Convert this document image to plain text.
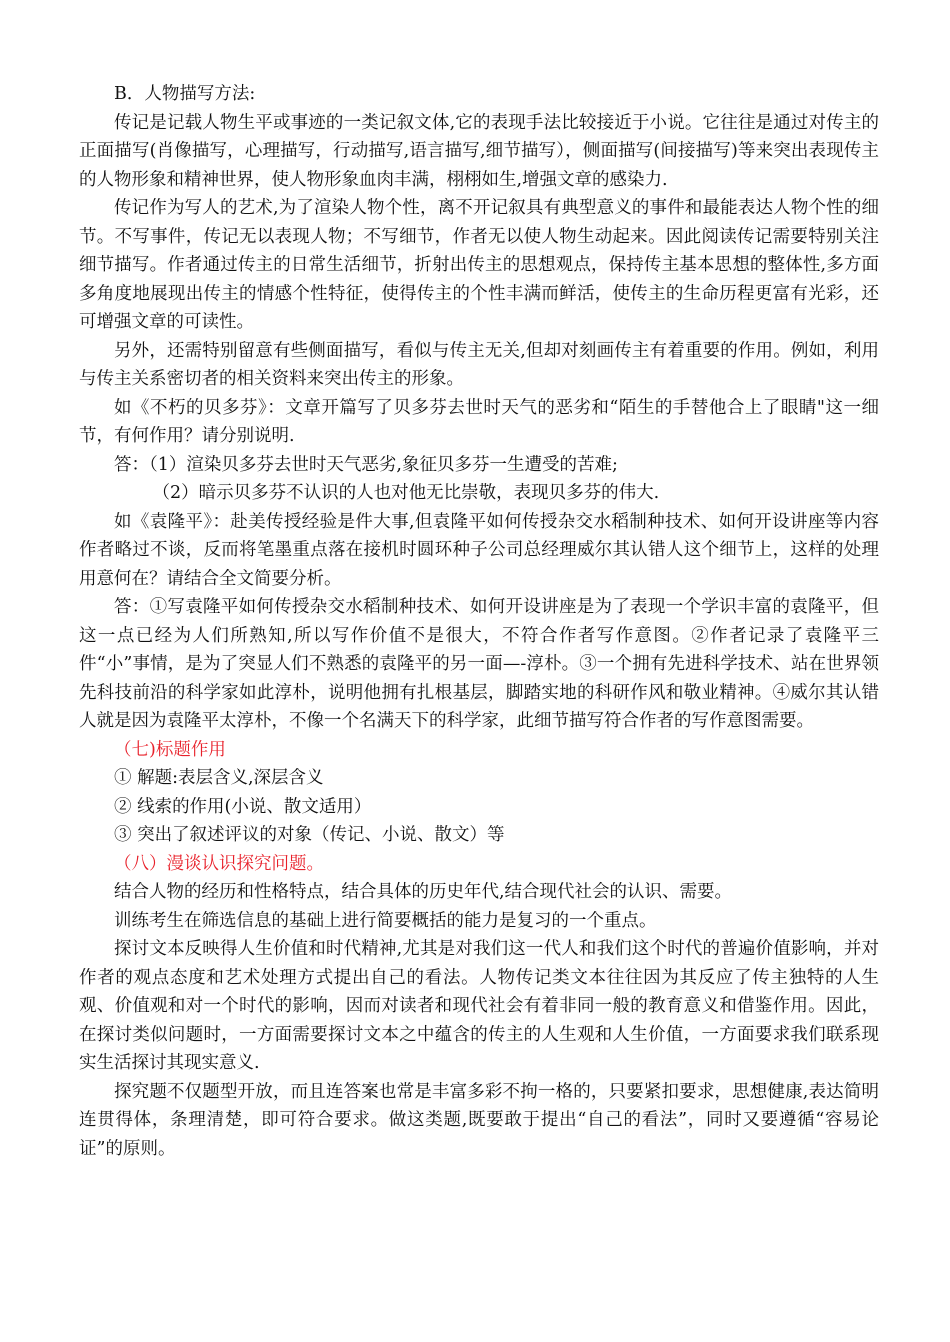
B．人物描写方法:

传记是记载人物生平或事迹的一类记叙文体,它的表现手法比较接近于小说。它往往是通过对传主的正面描写(肖像描写，心理描写，行动描写,语言描写,细节描写），侧面描写(间接描写)等来突出表现传主的人物形象和精神世界，使人物形象血肉丰满，栩栩如生,增强文章的感染力.

传记作为写人的艺术,为了渲染人物个性，离不开记叙具有典型意义的事件和最能表达人物个性的细节。不写事件，传记无以表现人物；不写细节，作者无以使人物生动起来。因此阅读传记需要特别关注细节描写。作者通过传主的日常生活细节，折射出传主的思想观点，保持传主基本思想的整体性,多方面多角度地展现出传主的情感个性特征，使得传主的个性丰满而鲜活，使传主的生命历程更富有光彩，还可增强文章的可读性。

另外，还需特别留意有些侧面描写，看似与传主无关,但却对刻画传主有着重要的作用。例如，利用与传主关系密切者的相关资料来突出传主的形象。

如《不朽的贝多芬》：文章开篇写了贝多芬去世时天气的恶劣和“陌生的手替他合上了眼睛"这一细节，有何作用？请分别说明.

答：（1）渲染贝多芬去世时天气恶劣,象征贝多芬一生遭受的苦难;

（2）暗示贝多芬不认识的人也对他无比崇敬，表现贝多芬的伟大.

如《袁隆平》：赴美传授经验是件大事,但袁隆平如何传授杂交水稻制种技术、如何开设讲座等内容作者略过不谈，反而将笔墨重点落在接机时圆环种子公司总经理威尔其认错人这个细节上，这样的处理用意何在？请结合全文简要分析。

答：①写袁隆平如何传授杂交水稻制种技术、如何开设讲座是为了表现一个学识丰富的袁隆平，但这一点已经为人们所熟知,所以写作价值不是很大，不符合作者写作意图。②作者记录了袁隆平三件“小”事情，是为了突显人们不熟悉的袁隆平的另一面—-淳朴。③一个拥有先进科学技术、站在世界领先科技前沿的科学家如此淳朴，说明他拥有扎根基层，脚踏实地的科研作风和敬业精神。④威尔其认错人就是因为袁隆平太淳朴，不像一个名满天下的科学家，此细节描写符合作者的写作意图需要。

（七)标题作用

① 解题:表层含义,深层含义

② 线索的作用(小说、散文适用）

③ 突出了叙述评议的对象（传记、小说、散文）等

（八）漫谈认识探究问题。

结合人物的经历和性格特点，结合具体的历史年代,结合现代社会的认识、需要。

训练考生在筛选信息的基础上进行简要概括的能力是复习的一个重点。

探讨文本反映得人生价值和时代精神,尤其是对我们这一代人和我们这个时代的普遍价值影响，并对作者的观点态度和艺术处理方式提出自己的看法。人物传记类文本往往因为其反应了传主独特的人生观、价值观和对一个时代的影响，因而对读者和现代社会有着非同一般的教育意义和借鉴作用。因此，在探讨类似问题时，一方面需要探讨文本之中蕴含的传主的人生观和人生价值，一方面要求我们联系现实生活探讨其现实意义.

探究题不仅题型开放，而且连答案也常是丰富多彩不拘一格的，只要紧扣要求，思想健康,表达简明连贯得体，条理清楚，即可符合要求。做这类题,既要敢于提出“自己的看法”，同时又要遵循“容易论证”的原则。
